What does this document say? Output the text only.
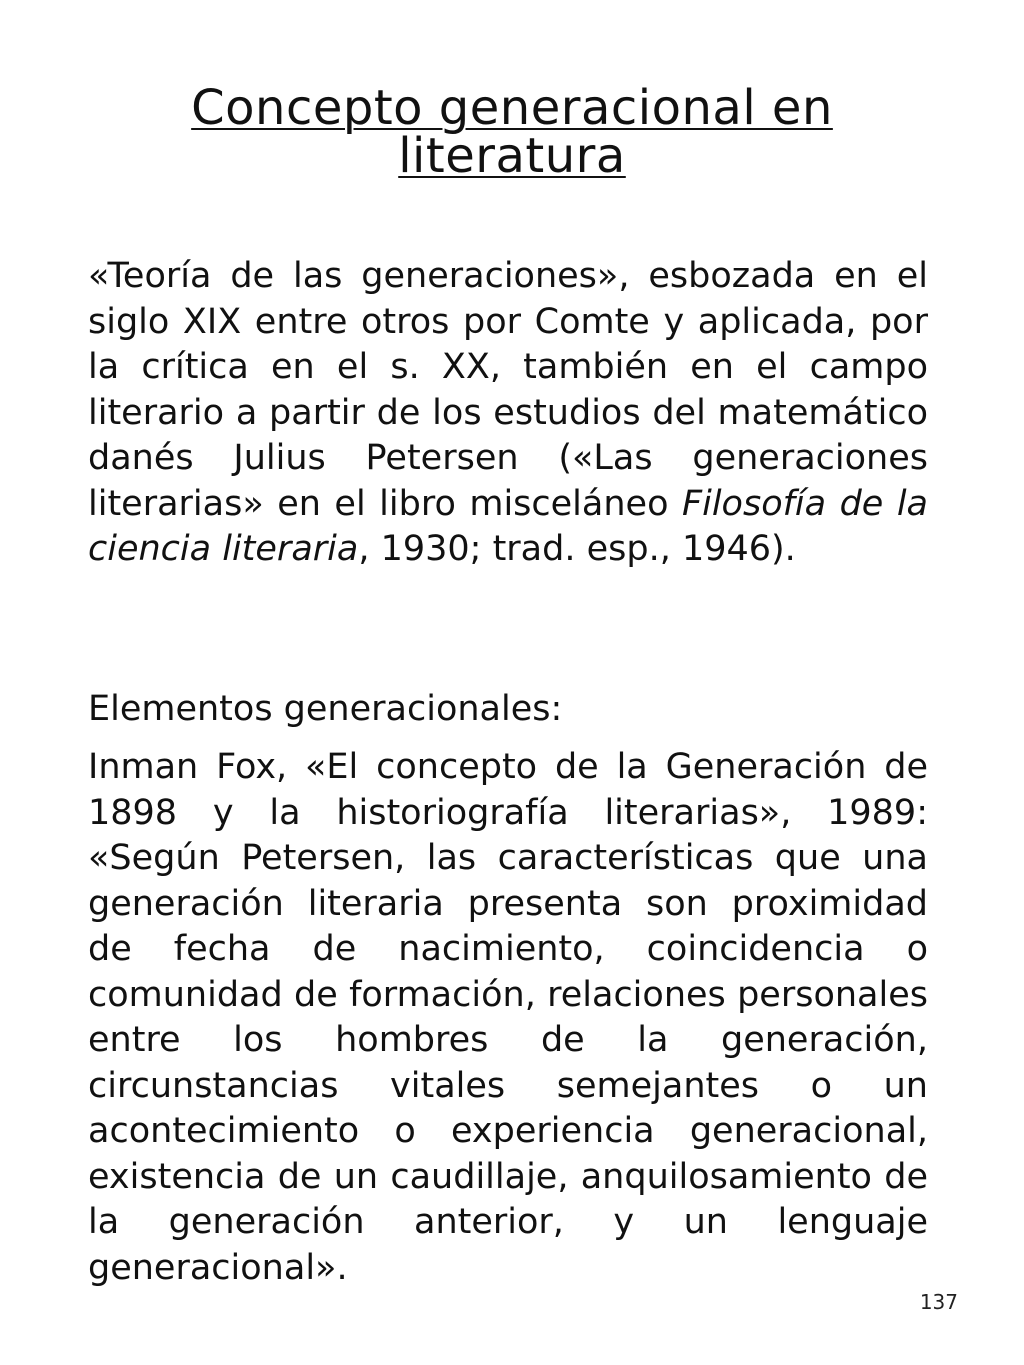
Concepto generacional en literatura

«Teoría de las generaciones», esbozada en el siglo XIX entre otros por Comte y aplicada, por la crítica en el s. XX, también en el campo literario a partir de los estudios del matemático danés Julius Petersen («Las generaciones literarias» en el libro misceláneo Filosofía de la ciencia literaria, 1930; trad. esp., 1946).

Elementos generacionales:

Inman Fox, «El concepto de la Generación de 1898 y la historiografía literarias», 1989: «Según Petersen, las características que una generación literaria presenta son proximidad de fecha de nacimiento, coincidencia o comunidad de formación, relaciones personales entre los hombres de la generación, circunstancias vitales semejantes o un acontecimiento o experiencia generacional, existencia de un caudillaje, anquilosamiento de la generación anterior, y un lenguaje generacional».

137
